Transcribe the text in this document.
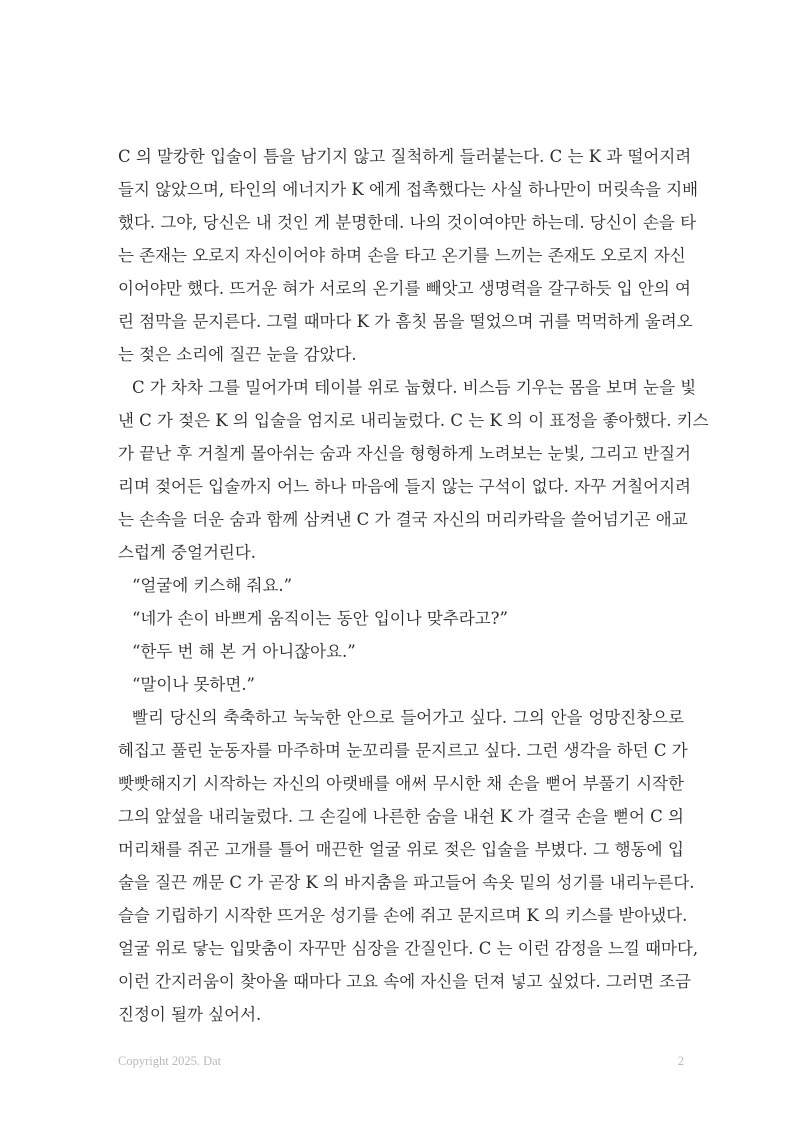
C 의 말캉한 입술이 틈을 남기지 않고 질척하게 들러붙는다. C 는 K 과 떨어지려
들지 않았으며, 타인의 에너지가 K 에게 접촉했다는 사실 하나만이 머릿속을 지배
했다. 그야, 당신은 내 것인 게 분명한데. 나의 것이여야만 하는데. 당신이 손을 타
는 존재는 오로지 자신이어야 하며 손을 타고 온기를 느끼는 존재도 오로지 자신
이어야만 했다. 뜨거운 혀가 서로의 온기를 빼앗고 생명력을 갈구하듯 입 안의 여
린 점막을 문지른다. 그럴 때마다 K 가 흠칫 몸을 떨었으며 귀를 먹먹하게 울려오
는 젖은 소리에 질끈 눈을 감았다.
C 가 차차 그를 밀어가며 테이블 위로 눕혔다. 비스듬 기우는 몸을 보며 눈을 빛
낸 C 가 젖은 K 의 입술을 엄지로 내리눌렀다. C 는 K 의 이 표정을 좋아했다. 키스
가 끝난 후 거칠게 몰아쉬는 숨과 자신을 형형하게 노려보는 눈빛, 그리고 반질거
리며 젖어든 입술까지 어느 하나 마음에 들지 않는 구석이 없다. 자꾸 거칠어지려
는 손속을 더운 숨과 함께 삼켜낸 C 가 결국 자신의 머리카락을 쓸어넘기곤 애교
스럽게 중얼거린다.
“얼굴에 키스해 줘요.”
“네가 손이 바쁘게 움직이는 동안 입이나 맞추라고?”
“한두 번 해 본 거 아니잖아요.”
“말이나 못하면.”
빨리 당신의 축축하고 눅눅한 안으로 들어가고 싶다. 그의 안을 엉망진창으로
헤집고 풀린 눈동자를 마주하며 눈꼬리를 문지르고 싶다. 그런 생각을 하던 C 가
빳빳해지기 시작하는 자신의 아랫배를 애써 무시한 채 손을 뻗어 부풀기 시작한
그의 앞섶을 내리눌렀다. 그 손길에 나른한 숨을 내쉰 K 가 결국 손을 뻗어 C 의
머리채를 쥐곤 고개를 틀어 매끈한 얼굴 위로 젖은 입술을 부볐다. 그 행동에 입
술을 질끈 깨문 C 가 곧장 K 의 바지춤을 파고들어 속옷 밑의 성기를 내리누른다.
슬슬 기립하기 시작한 뜨거운 성기를 손에 쥐고 문지르며 K 의 키스를 받아냈다.
얼굴 위로 닿는 입맞춤이 자꾸만 심장을 간질인다. C 는 이런 감정을 느낄 때마다,
이런 간지러움이 찾아올 때마다 고요 속에 자신을 던져 넣고 싶었다. 그러면 조금
진정이 될까 싶어서.
Copyright 2025. Dat	2
